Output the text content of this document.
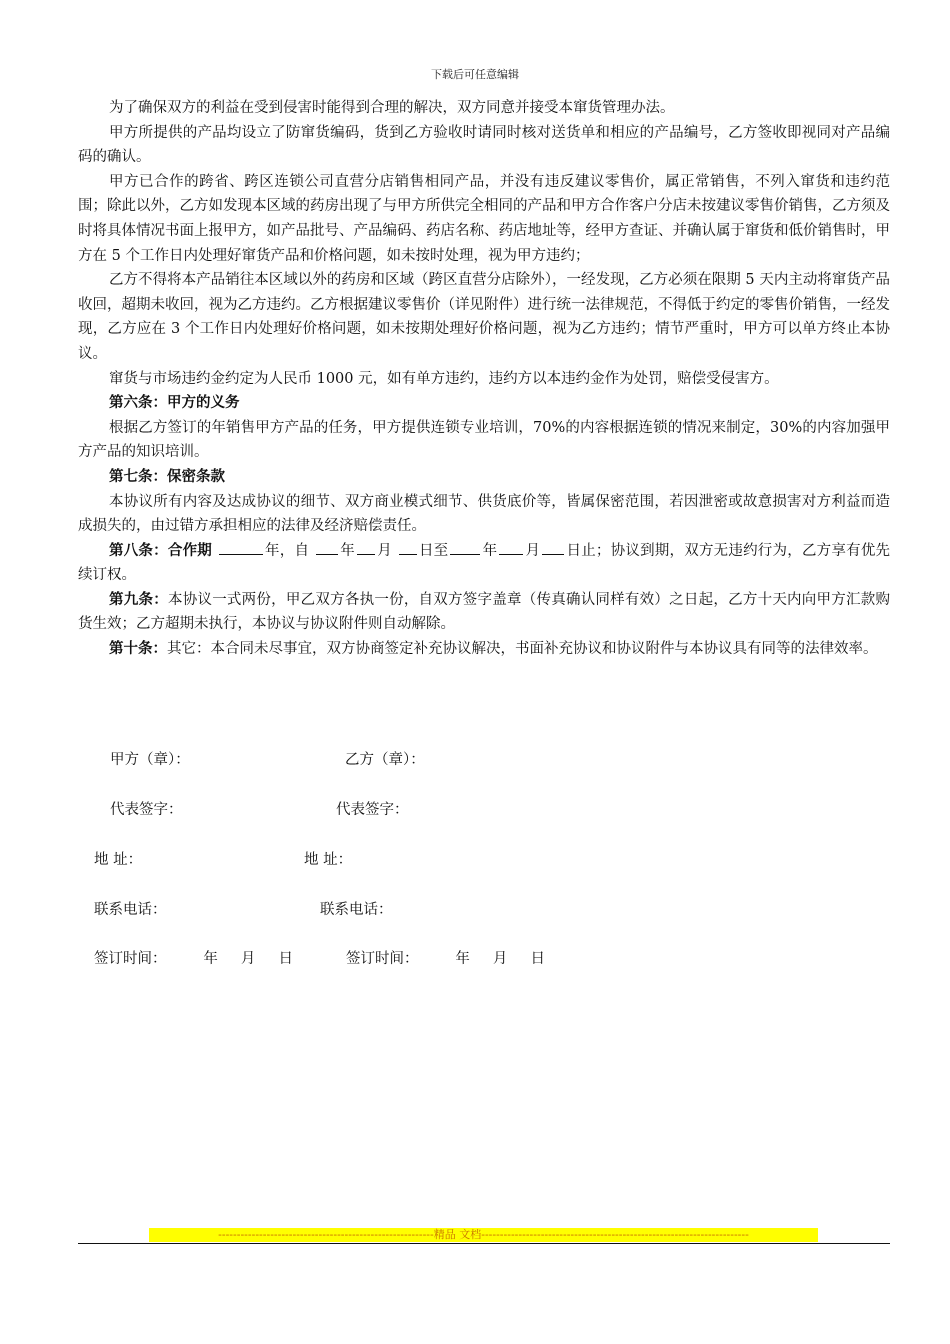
下载后可任意编辑

为了确保双方的利益在受到侵害时能得到合理的解决，双方同意并接受本窜货管理办法。

甲方所提供的产品均设立了防窜货编码，货到乙方验收时请同时核对送货单和相应的产品编号，乙方签收即视同对产品编码的确认。

甲方已合作的跨省、跨区连锁公司直营分店销售相同产品，并没有违反建议零售价，属正常销售，不列入窜货和违约范围；除此以外，乙方如发现本区域的药房出现了与甲方所供完全相同的产品和甲方合作客户分店未按建议零售价销售，乙方须及时将具体情况书面上报甲方，如产品批号、产品编码、药店名称、药店地址等，经甲方查证、并确认属于窜货和低价销售时，甲方在 5 个工作日内处理好窜货产品和价格问题，如未按时处理，视为甲方违约；

乙方不得将本产品销往本区域以外的药房和区域（跨区直营分店除外），一经发现，乙方必须在限期 5 天内主动将窜货产品收回，超期未收回，视为乙方违约。乙方根据建议零售价（详见附件）进行统一法律规范，不得低于约定的零售价销售，一经发现，乙方应在 3 个工作日内处理好价格问题，如未按期处理好价格问题，视为乙方违约；情节严重时，甲方可以单方终止本协议。

窜货与市场违约金约定为人民币 1000 元，如有单方违约，违约方以本违约金作为处罚，赔偿受侵害方。

第六条：甲方的义务

根据乙方签订的年销售甲方产品的任务，甲方提供连锁专业培训，70%的内容根据连锁的情况来制定，30%的内容加强甲方产品的知识培训。

第七条：保密条款

本协议所有内容及达成协议的细节、双方商业模式细节、供货底价等，皆属保密范围，若因泄密或故意损害对方利益而造成损失的，由过错方承担相应的法律及经济赔偿责任。

第八条：合作期	年，自 年 月 日至 年 月 日止；协议到期，双方无违约行为，乙方享有优先续订权。

第九条：本协议一式两份，甲乙双方各执一份，自双方签字盖章（传真确认同样有效）之日起，乙方十天内向甲方汇款购货生效；乙方超期未执行，本协议与协议附件则自动解除。

第十条：其它：本合同未尽事宜，双方协商签定补充协议解决，书面补充协议和协议附件与本协议具有同等的法律效率。

甲方（章）：	乙方（章）：
代表签字：	代表签字：
地 址：	地 址：
联系电话：	联系电话：
签订时间：        年     月     日	签订时间：        年     月     日
----------------------------------------------------------精品 文档------------------------------------------------------------------------
